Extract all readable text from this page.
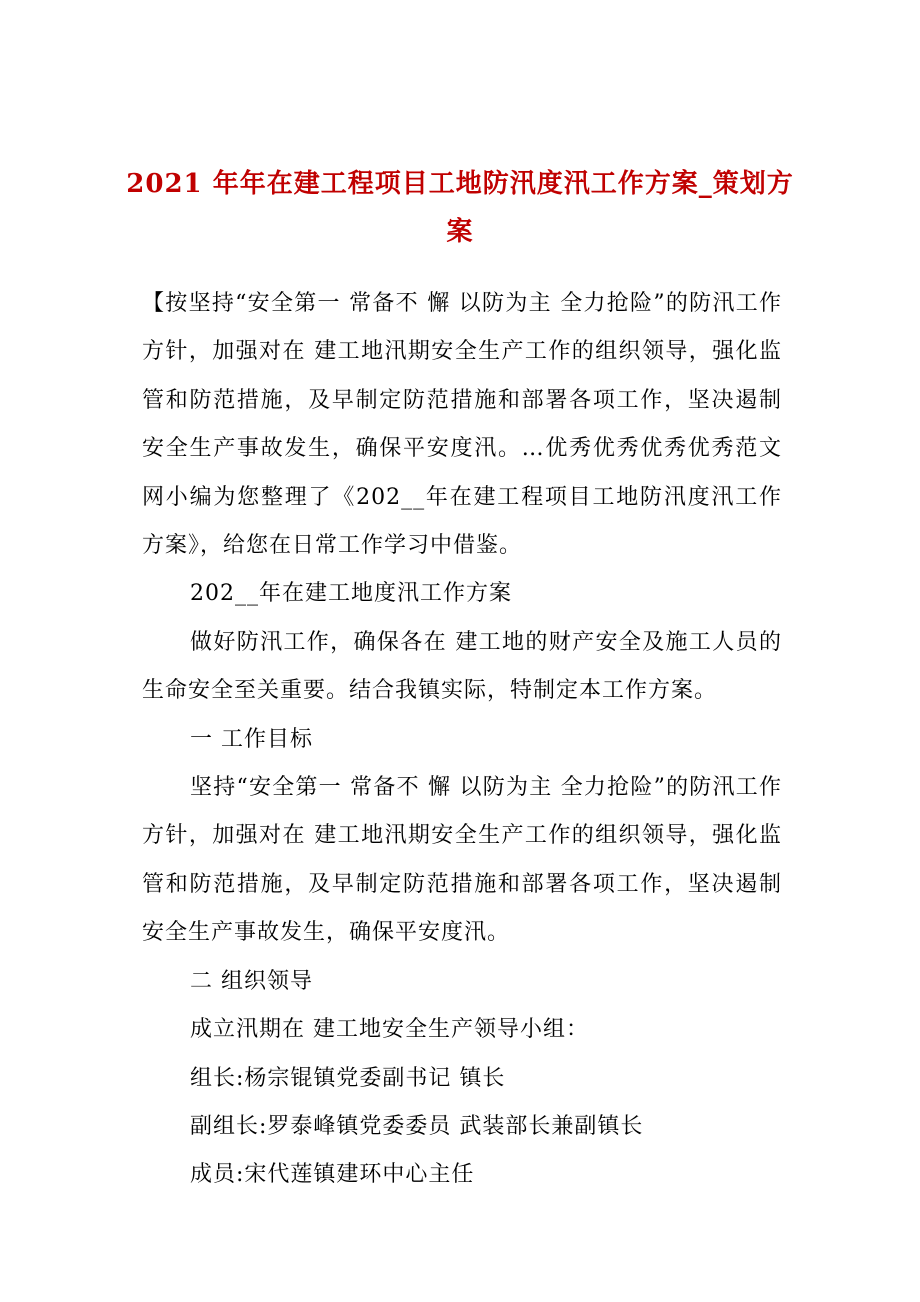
2021 年年在建工程项目工地防汛度汛工作方案_策划方案

【按坚持“安全第一 常备不 懈 以防为主 全力抢险”的防汛工作方针，加强对在 建工地汛期安全生产工作的组织领导，强化监管和防范措施，及早制定防范措施和部署各项工作，坚决遏制安全生产事故发生，确保平安度汛。…优秀优秀优秀优秀范文网小编为您整理了《202__年在建工程项目工地防汛度汛工作方案》，给您在日常工作学习中借鉴。

202__年在建工地度汛工作方案

做好防汛工作，确保各在 建工地的财产安全及施工人员的生命安全至关重要。结合我镇实际，特制定本工作方案。

一 工作目标

坚持“安全第一 常备不 懈 以防为主 全力抢险”的防汛工作方针，加强对在 建工地汛期安全生产工作的组织领导，强化监管和防范措施，及早制定防范措施和部署各项工作，坚决遏制安全生产事故发生，确保平安度汛。

二 组织领导

成立汛期在 建工地安全生产领导小组：

组长:杨宗锟镇党委副书记 镇长

副组长:罗泰峰镇党委委员 武装部长兼副镇长

成员:宋代莲镇建环中心主任
